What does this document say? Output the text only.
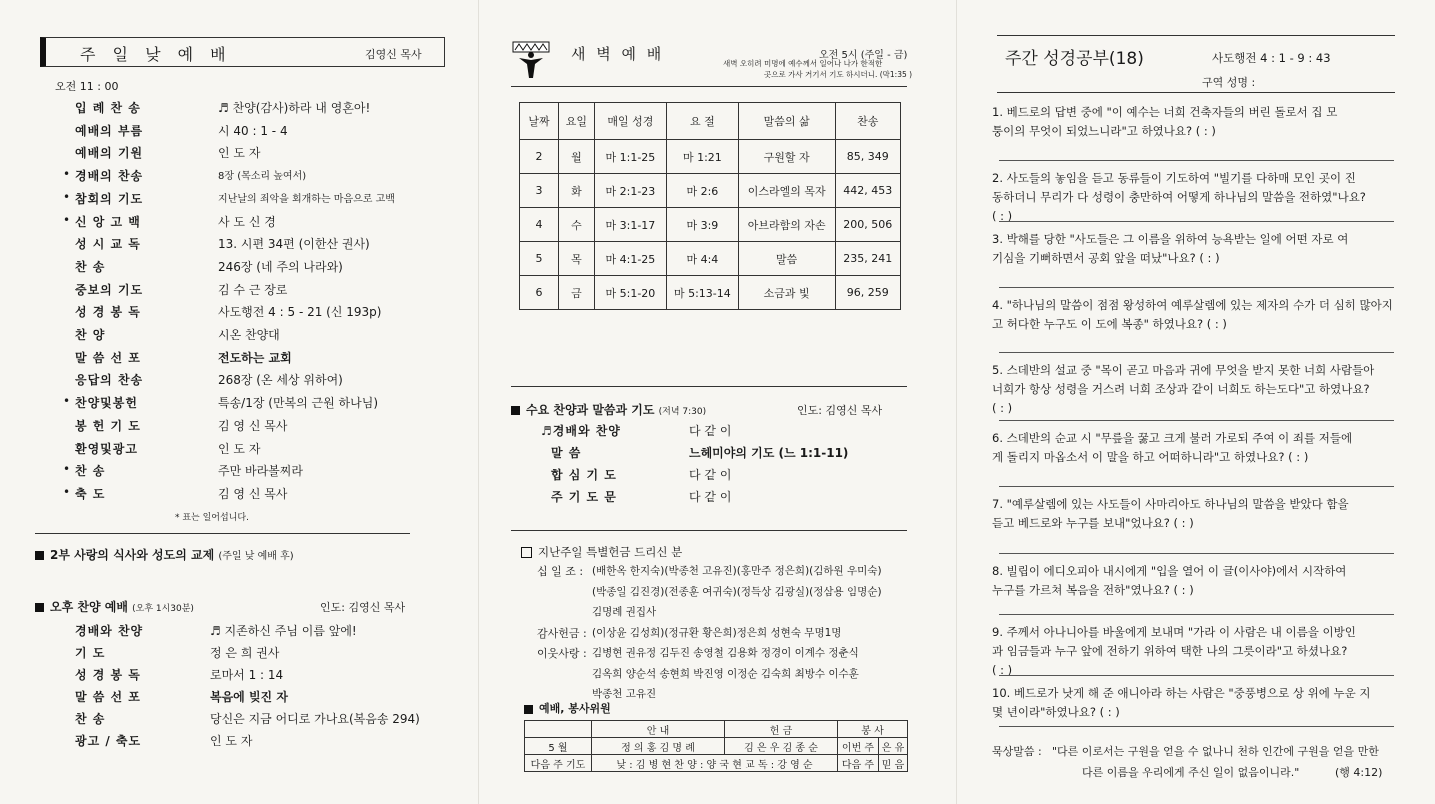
주 일 낮 예 배	김영신 목사
오전 11 : 00
입 례 찬 송	♬ 찬양(감사)하라 내 영혼아!
예배의 부름	시 40 : 1 - 4
예배의 기원	인 도 자
• 경배의 찬송	8장 (목소리 높여서)
• 참회의 기도	지난날의 죄악을 회개하는 마음으로 고백
• 신 앙 고 백	사 도 신 경
성 시 교 독	13. 시편 34편 (이한산 권사)
찬 송	246장 (네 주의 나라와)
중보의 기도	김 수 근 장로
성 경 봉 독	사도행전 4 : 5 - 21 (신 193p)
찬 양	시온 찬양대
말 씀 선 포	전도하는 교회
응답의 찬송	268장 (온 세상 위하여)
• 찬양및봉헌	특송/1장 (만복의 근원 하나님)
봉 헌 기 도	김 영 신 목사
환영및광고	인 도 자
• 찬 송	주만 바라볼찌라
• 축 도	김 영 신 목사
* 표는 일어섭니다.
2부 사랑의 식사와 성도의 교제 (주일 낮 예배 후)
오후 찬양 예배 (오후 1시30분)	인도: 김영신 목사
경배와 찬양	♬ 지존하신 주님 이름 앞에!
기 도	정 은 희 권사
성 경 봉 독	로마서 1 : 14
말 씀 선 포	복음에 빚진 자
찬 송	당신은 지금 어디로 가나요(복음송 294)
광고 / 축도	인 도 자
새 벽 예 배	오전 5시 (주일 - 금)
새벽 오히려 미명에 예수께서 일어나 나가 한적한
곳으로 가사 거기서 기도 하시더니. (막1:35 )
날짜	요일	매일 성경	요 절	말씀의 삶	찬송
2	월	마 1:1-25	마 1:21	구원할 자	85, 349
3	화	마 2:1-23	마 2:6	이스라엘의 목자	442, 453
4	수	마 3:1-17	마 3:9	아브라함의 자손	200, 506
5	목	마 4:1-25	마 4:4	말씀	235, 241
6	금	마 5:1-20	마 5:13-14	소금과 빛	96, 259
수요 찬양과 말씀과 기도 (저녁 7:30)	인도: 김영신 목사
♬경배와 찬양	다 같 이
말 씀	느헤미야의 기도 (느 1:1-11)
합 심 기 도	다 같 이
주 기 도 문	다 같 이
지난주일 특별헌금 드리신 분
십 일 조 : (배한옥 한지숙)(박종천 고유진)(홍만주 정은희)(김하원 우미숙)
(박종일 김진경)(전종훈 여귀숙)(정득상 김광실)(정삼용 임명순)
김명례 권집사
감사헌금 : (이상윤 김성희)(정규환 황은희)정은희 성현숙 무명1명
이웃사랑 : 김병현 권유정 김두진 송영철 김용화 정경이 이계수 정춘식
김옥희 양순석 송현희 박진영 이정순 김숙희 최방수 이수훈
박종천 고유진
예배, 봉사위원
	안 내	헌 금	봉 사	
5 월	정 의 홍 김 명 례	김 은 우 김 종 순	이번 주	은 유
다음 주 기도	낮 : 김 병 현 찬 양 : 양 국 현 교 독 : 강 영 순		다음 주	믿 음
주간 성경공부(18)	사도행전 4 : 1 - 9 : 43
구역 성명 :
1. 베드로의 답변 중에 "이 예수는 너희 건축자들의 버린 돌로서 집 모
퉁이의 무엇이 되었느니라"고 하였나요? ( : )
2. 사도들의 놓임을 듣고 동류들이 기도하여 "빌기를 다하매 모인 곳이 진
동하더니 무리가 다 성령이 충만하여 어떻게 하나님의 말씀을 전하였"나요?
( : )
3. 박해를 당한 "사도들은 그 이름을 위하여 능욕받는 일에 어떤 자로 여
기심을 기뻐하면서 공회 앞을 떠났"나요? ( : )
4. "하나님의 말씀이 점점 왕성하여 예루살렘에 있는 제자의 수가 더 심히 많아지
고 허다한 누구도 이 도에 복종" 하였나요? ( : )
5. 스데반의 설교 중 "목이 곧고 마음과 귀에 무엇을 받지 못한 너희 사람들아
너희가 항상 성령을 거스려 너희 조상과 같이 너희도 하는도다"고 하였나요?
( : )
6. 스데반의 순교 시 "무릎을 꿇고 크게 불러 가로되 주여 이 죄를 저들에
게 돌리지 마옵소서 이 말을 하고 어떠하니라"고 하였나요? ( : )
7. "예루살렘에 있는 사도들이 사마리아도 하나님의 말씀을 받았다 함을
듣고 베드로와 누구를 보내"었나요? ( : )
8. 빌립이 에디오피아 내시에게 "입을 열어 이 글(이사야)에서 시작하여
누구를 가르쳐 복음을 전하"였나요? ( : )
9. 주께서 아나니아를 바울에게 보내며 "가라 이 사람은 내 이름을 이방인
과 임금들과 누구 앞에 전하기 위하여 택한 나의 그릇이라"고 하셨나요?
( : )
10. 베드로가 낫게 해 준 애니아라 하는 사람은 "중풍병으로 상 위에 누운 지
몇 년이라"하였나요? ( : )
묵상말씀 : "다른 이로서는 구원을 얻을 수 없나니 천하 인간에 구원을 얻을 만한
다른 이름을 우리에게 주신 일이 없음이니라."	(행 4:12)
